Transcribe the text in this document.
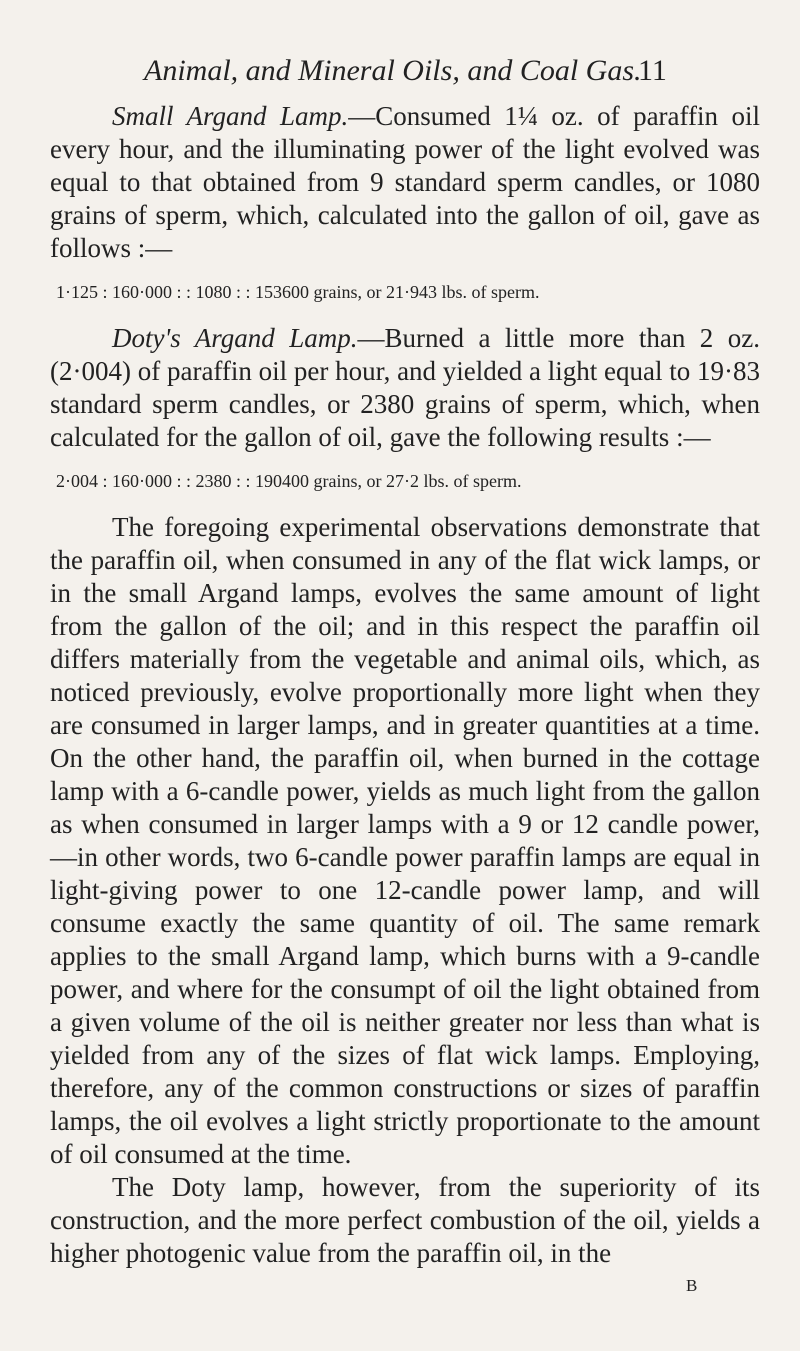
Animal, and Mineral Oils, and Coal Gas.
11

Small Argand Lamp.—Consumed 1¼ oz. of paraffin oil every hour, and the illuminating power of the light evolved was equal to that obtained from 9 standard sperm candles, or 1080 grains of sperm, which, calculated into the gallon of oil, gave as follows :—

1·125 : 160·000 : : 1080 : : 153600 grains, or 21·943 lbs. of sperm.

Doty's Argand Lamp.—Burned a little more than 2 oz. (2·004) of paraffin oil per hour, and yielded a light equal to 19·83 standard sperm candles, or 2380 grains of sperm, which, when calculated for the gallon of oil, gave the following results :—

2·004 : 160·000 : : 2380 : : 190400 grains, or 27·2 lbs. of sperm.

The foregoing experimental observations demonstrate that the paraffin oil, when consumed in any of the flat wick lamps, or in the small Argand lamps, evolves the same amount of light from the gallon of the oil; and in this respect the paraffin oil differs materially from the vegetable and animal oils, which, as noticed previously, evolve proportionally more light when they are consumed in larger lamps, and in greater quantities at a time. On the other hand, the paraffin oil, when burned in the cottage lamp with a 6-candle power, yields as much light from the gallon as when consumed in larger lamps with a 9 or 12 candle power,—in other words, two 6-candle power paraffin lamps are equal in light-giving power to one 12-candle power lamp, and will consume exactly the same quantity of oil. The same remark applies to the small Argand lamp, which burns with a 9-candle power, and where for the consumpt of oil the light obtained from a given volume of the oil is neither greater nor less than what is yielded from any of the sizes of flat wick lamps. Employing, therefore, any of the common constructions or sizes of paraffin lamps, the oil evolves a light strictly proportionate to the amount of oil consumed at the time.

The Doty lamp, however, from the superiority of its construction, and the more perfect combustion of the oil, yields a higher photogenic value from the paraffin oil, in the

B
